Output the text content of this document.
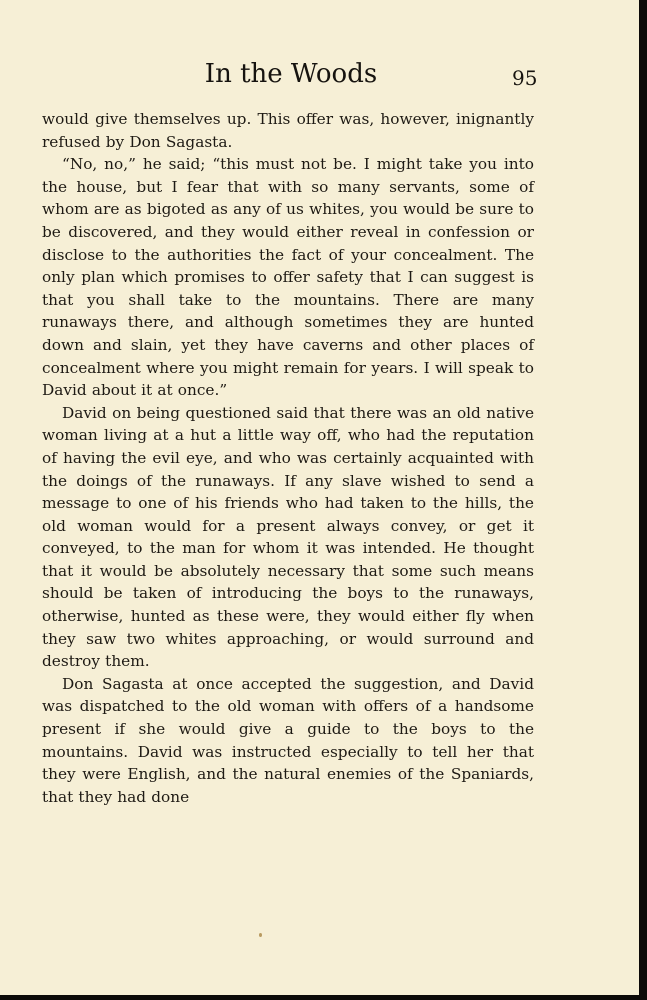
In the Woods	95

would give themselves up. This offer was, however, inignantly refused by Don Sagasta.

“No, no,” he said; “this must not be. I might take you into the house, but I fear that with so many servants, some of whom are as bigoted as any of us whites, you would be sure to be discovered, and they would either reveal in confession or disclose to the authorities the fact of your concealment. The only plan which promises to offer safety that I can suggest is that you shall take to the mountains. There are many runaways there, and although sometimes they are hunted down and slain, yet they have caverns and other places of concealment where you might remain for years. I will speak to David about it at once.”

David on being questioned said that there was an old native woman living at a hut a little way off, who had the reputation of having the evil eye, and who was certainly acquainted with the doings of the runaways. If any slave wished to send a message to one of his friends who had taken to the hills, the old woman would for a present always convey, or get it conveyed, to the man for whom it was intended. He thought that it would be absolutely necessary that some such means should be taken of introducing the boys to the runaways, otherwise, hunted as these were, they would either fly when they saw two whites approaching, or would surround and destroy them.

Don Sagasta at once accepted the suggestion, and David was dispatched to the old woman with offers of a handsome present if she would give a guide to the boys to the mountains. David was instructed especially to tell her that they were English, and the natural enemies of the Spaniards, that they had done
